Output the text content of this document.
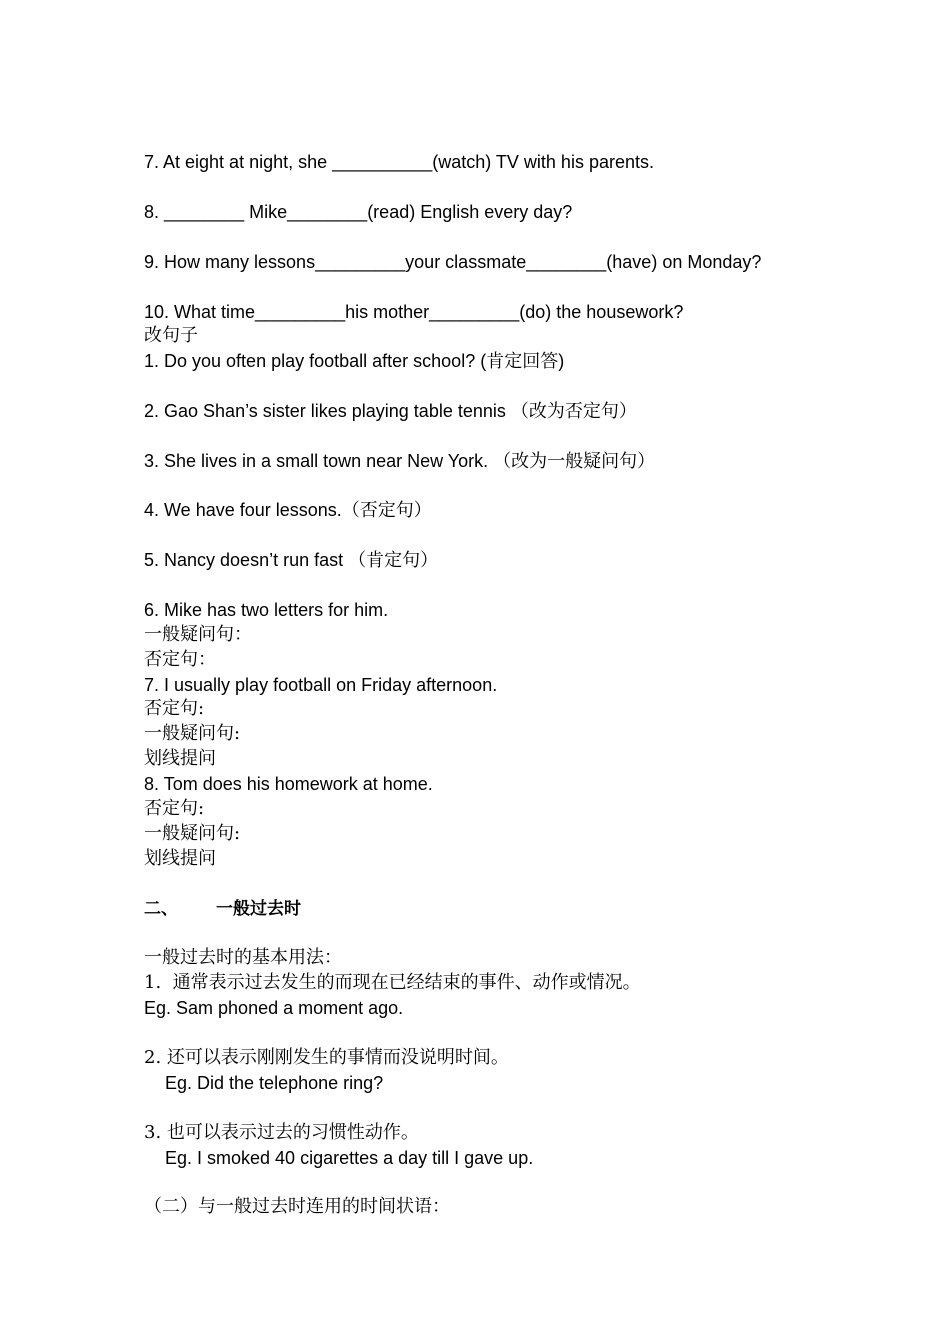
7. At eight at night, she __________(watch) TV with his parents.

8. ________ Mike________(read) English every day?

9. How many lessons_________your classmate________(have) on Monday?

10. What time_________his mother_________(do) the housework?

改句子

1. Do you often play football after school? (肯定回答)

2. Gao Shan’s sister likes playing table tennis （改为否定句）

3. She lives in a small town near New York. （改为一般疑问句）

4. We have four lessons.（否定句）

5. Nancy doesn’t run fast （肯定句）

6. Mike has two letters for him.

一般疑问句：

否定句：

7. I usually play football on Friday afternoon.

否定句:

一般疑问句:

划线提问

8. Tom does his homework at home.

否定句:

一般疑问句:

划线提问

二、 一般过去时

一般过去时的基本用法：

1.  通常表示过去发生的而现在已经结束的事件、动作或情况。

Eg. Sam phoned a moment ago.

2. 还可以表示刚刚发生的事情而没说明时间。

Eg. Did the telephone ring?

3. 也可以表示过去的习惯性动作。

Eg. I smoked 40 cigarettes a day till I gave up.

（二）与一般过去时连用的时间状语：
